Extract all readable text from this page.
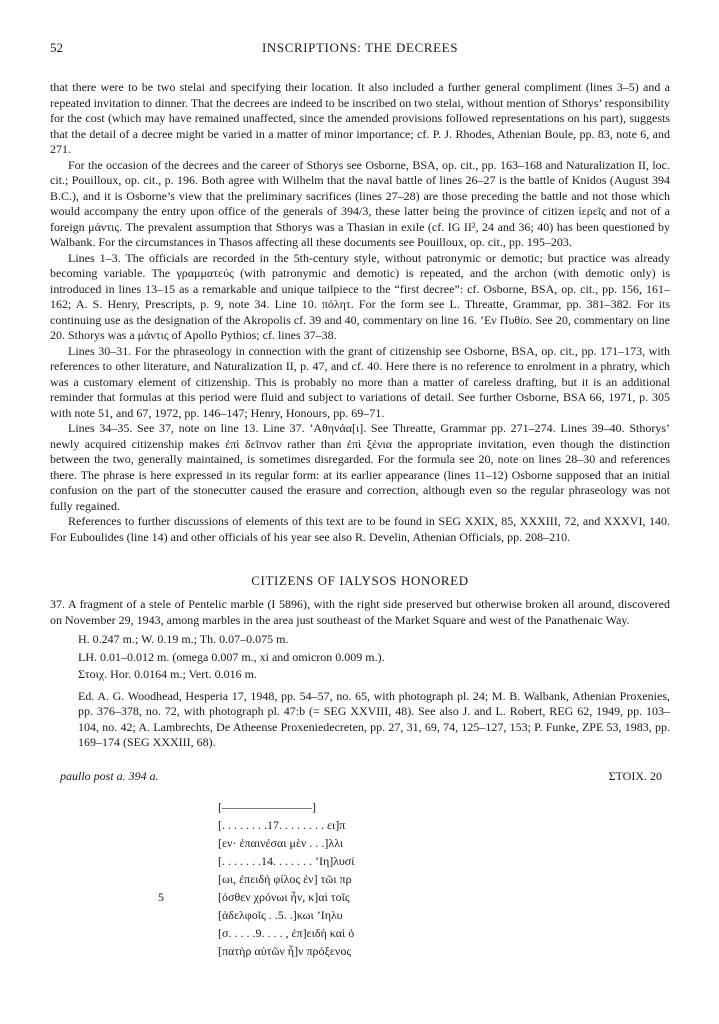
52	INSCRIPTIONS: THE DECREES

that there were to be two stelai and specifying their location. It also included a further general compliment (lines 3–5) and a repeated invitation to dinner. That the decrees are indeed to be inscribed on two stelai, without mention of Sthorys’ responsibility for the cost (which may have remained unaffected, since the amended provisions followed representations on his part), suggests that the detail of a decree might be varied in a matter of minor importance; cf. P. J. Rhodes, Athenian Boule, pp. 83, note 6, and 271.

For the occasion of the decrees and the career of Sthorys see Osborne, BSA, op. cit., pp. 163–168 and Naturalization II, loc. cit.; Pouilloux, op. cit., p. 196. Both agree with Wilhelm that the naval battle of lines 26–27 is the battle of Knidos (August 394 B.C.), and it is Osborne’s view that the preliminary sacrifices (lines 27–28) are those preceding the battle and not those which would accompany the entry upon office of the generals of 394/3, these latter being the province of citizen ἱερεῖς and not of a foreign μάντις. The prevalent assumption that Sthorys was a Thasian in exile (cf. IG II², 24 and 36; 40) has been questioned by Walbank. For the circumstances in Thasos affecting all these documents see Pouilloux, op. cit., pp. 195–203.

Lines 1–3. The officials are recorded in the 5th-century style, without patronymic or demotic; but practice was already becoming variable. The γραμματεύς (with patronymic and demotic) is repeated, and the archon (with demotic only) is introduced in lines 13–15 as a remarkable and unique tailpiece to the “first decree”: cf. Osborne, BSA, op. cit., pp. 156, 161–162; A. S. Henry, Prescripts, p. 9, note 34. Line 10. πόλητ. For the form see L. Threatte, Grammar, pp. 381–382. For its continuing use as the designation of the Akropolis cf. 39 and 40, commentary on line 16. ’Εν Πυθίο. See 20, commentary on line 20. Sthorys was a μάντις of Apollo Pythios; cf. lines 37–38.

Lines 30–31. For the phraseology in connection with the grant of citizenship see Osborne, BSA, op. cit., pp. 171–173, with references to other literature, and Naturalization II, p. 47, and cf. 40. Here there is no reference to enrolment in a phratry, which was a customary element of citizenship. This is probably no more than a matter of careless drafting, but it is an additional reminder that formulas at this period were fluid and subject to variations of detail. See further Osborne, BSA 66, 1971, p. 305 with note 51, and 67, 1972, pp. 146–147; Henry, Honours, pp. 69–71.

Lines 34–35. See 37, note on line 13. Line 37. ’Αθηνάα[ι]. See Threatte, Grammar pp. 271–274. Lines 39–40. Sthorys’ newly acquired citizenship makes ἐπὶ δεῖπνον rather than ἐπὶ ξένια the appropriate invitation, even though the distinction between the two, generally maintained, is sometimes disregarded. For the formula see 20, note on lines 28–30 and references there. The phrase is here expressed in its regular form: at its earlier appearance (lines 11–12) Osborne supposed that an initial confusion on the part of the stonecutter caused the erasure and correction, although even so the regular phraseology was not fully regained.

References to further discussions of elements of this text are to be found in SEG XXIX, 85, XXXIII, 72, and XXXVI, 140. For Euboulides (line 14) and other officials of his year see also R. Develin, Athenian Officials, pp. 208–210.

CITIZENS OF IALYSOS HONORED

37. A fragment of a stele of Pentelic marble (I 5896), with the right side preserved but otherwise broken all around, discovered on November 29, 1943, among marbles in the area just southeast of the Market Square and west of the Panathenaic Way.

H. 0.247 m.; W. 0.19 m.; Th. 0.07–0.075 m.

LH. 0.01–0.012 m. (omega 0.007 m., xi and omicron 0.009 m.).

Στοιχ. Hor. 0.0164 m.; Vert. 0.016 m.

Ed. A. G. Woodhead, Hesperia 17, 1948, pp. 54–57, no. 65, with photograph pl. 24; M. B. Walbank, Athenian Proxenies, pp. 376–378, no. 72, with photograph pl. 47:b (= SEG XXVIII, 48). See also J. and L. Robert, REG 62, 1949, pp. 103–104, no. 42; A. Lambrechts, De Atheense Proxeniedecreten, pp. 27, 31, 69, 74, 125–127, 153; P. Funke, ZPE 53, 1983, pp. 169–174 (SEG XXXIII, 68).

paullo post a. 394 a.	ΣΤΟΙΧ. 20
[–––––––––––––––]
[. . . . . . . .17. . . . . . . . ει]π
[εν· ἐπαινέσαι μὲν . . .]λλι
[. . . . . . .14. . . . . . . ’Ιη]λυσί
[ωι, ἐπειδὴ φίλος ἐν] τῶι πρ
5	[όσθεν χρόνωι ἦν, κ]αὶ τοῖς
[ἀδελφοῖς . .5. .]κωι ’Ιηλυ
[σ. . . . .9. . . . , ἐπ]ειδὴ καὶ ὁ
[πατὴρ αὐτῶν ἦ]ν πρόξενος
